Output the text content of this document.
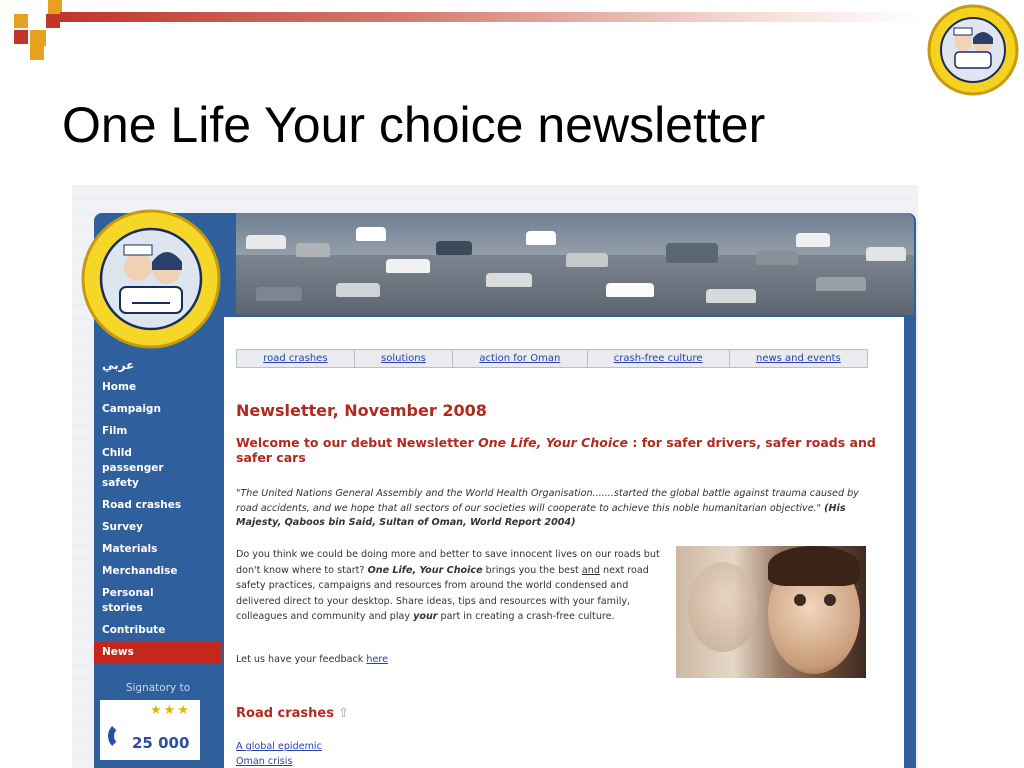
One Life Your choice newsletter
عربي
Home
Campaign
Film
Child passenger safety
Road crashes
Survey
Materials
Merchandise
Personal stories
Contribute
News
Signatory to
★★★
25 000
road crashes	solutions	action for Oman	crash-free culture	news and events
Newsletter, November 2008

Welcome to our debut Newsletter One Life, Your Choice : for safer drivers, safer roads and safer cars

"The United Nations General Assembly and the World Health Organisation.......started the global battle against trauma caused by road accidents, and we hope that all sectors of our societies will cooperate to achieve this noble humanitarian objective." (His Majesty, Qaboos bin Said, Sultan of Oman, World Report 2004)

Do you think we could be doing more and better to save innocent lives on our roads but don't know where to start? One Life, Your Choice brings you the best and next road safety practices, campaigns and resources from around the world condensed and delivered direct to your desktop. Share ideas, tips and resources with your family, colleagues and community and play your part in creating a crash-free culture.

Let us have your feedback here

Road crashes ⇧
A global epidemic
Oman crisis
